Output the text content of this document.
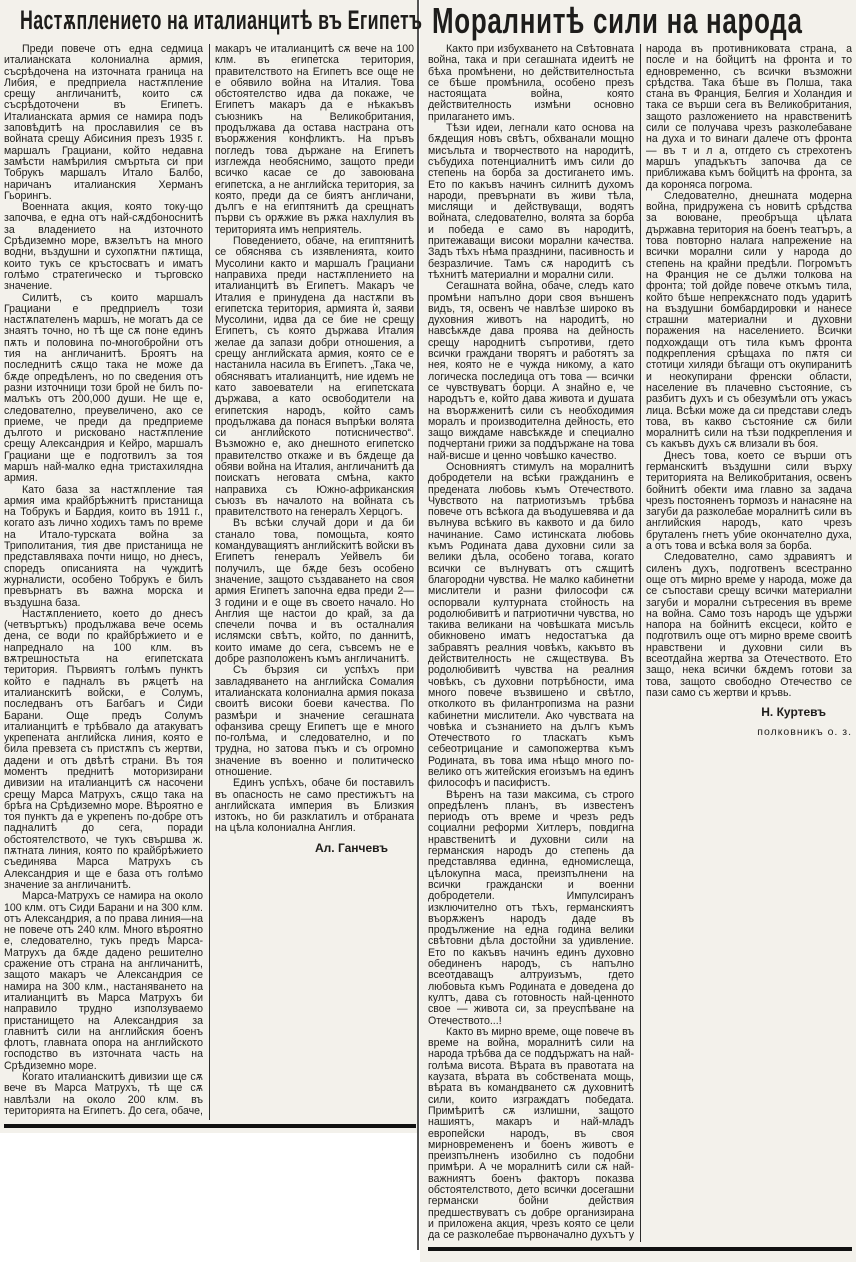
Настѫплението на италианцитѣ въ Египетъ

Преди повече отъ една седмица италианската колониална армия, съсрѣдочена на източната граница на Либия, е предприела настѫпление срещу англичанитѣ, които сѫ съсрѣдоточени въ Египетъ. Италианската армия се намира подъ заповѣдитѣ на прославилия се въ войната срещу Абисиния презъ 1935 г. маршалъ Грациани, който недавна замѣсти намѣрилия смъртьта си при Тобрукъ маршалъ Итало Балбо, наричанъ италианския Херманъ Гьорингъ.

Военната акция, която току-що започва, е една отъ най-сѫдбоноснитѣ за владението на източното Срѣдиземно море, вѫзелътъ на много водни, въздушни и сухопѫтни пѫтища, които тукъ се кръстосватъ и иматъ голѣмо стратегическо и търговско значение.

Силитѣ, съ които маршалъ Грациани е предприелъ този настѫпателенъ маршъ, не могатъ да се знаятъ точно, но тѣ ще сѫ поне единъ пѫть и половина по-многобройни отъ тия на англичанитѣ. Броятъ на последнитѣ сѫщо така не може да бѫде опредѣленъ, но по сведения отъ разни източници този брой не билъ по-малъкъ отъ 200,000 души. Не ще е, следователно, преувеличено, ако се приеме, че преди да предприеме дългото и рисковано настѫпление срещу Александрия и Кейро, маршалъ Грациани ще е подготвилъ за тоя маршъ най-малко една тристахилядна армия.

Като база за настѫпление тая армия има крайбрѣжнитѣ пристанища на Тобрукъ и Бардия, които въ 1911 г., когато азъ лично ходихъ тамъ по време на Итало-турската война за Триполитания, тия две пристанища не представляваха почти нищо, но днесъ, споредъ описанията на чуждитѣ журналисти, особено Тобрукъ е билъ превърнатъ въ важна морска и въздушна база.

Настѫплението, което до днесъ (четвъртъкъ) продължава вече осемь дена, се води по крайбрѣжието и е напреднало на 100 клм. въ вѫтрешностьта на египетската територия. Първиятъ голѣмъ пунктъ който е падналъ въ рѫцетѣ на италианскитѣ войски, е Солумъ, последванъ отъ Багбагъ и Сиди Барани. Още предъ Солумъ италианцитѣ е трѣбвало да атакуватъ укрепената английска линия, която е била превзета съ пристѫпъ съ жертви, дадени и отъ двѣтѣ страни. Въ тоя моментъ преднитѣ моторизирани дивизии на италианцитѣ сѫ насочени срещу Марса Матрухъ, сѫщо така на брѣга на Срѣдиземно море. Вѣроятно е тоя пунктъ да е укрепенъ по-добре отъ падналитѣ до сега, поради обстоятелството, че тукъ свършва ж. пѫтната линия, която по крайбрѣжието съединява Марса Матрухъ съ Александрия и ще е база отъ голѣмо значение за англичанитѣ.

Марса-Матрухъ се намира на около 100 клм. отъ Сиди Барани и на 300 клм. отъ Александрия, а по права линия—на не повече отъ 240 клм. Много вѣроятно е, следователно, тукъ предъ Марса-Матрухъ да бѫде дадено решително сражение отъ страна на англичанитѣ, защото макаръ че Александрия се намира на 300 клм., настаняването на италианцитѣ въ Марса Матрухъ би направило трудно използуваемо пристанището на Александрия за главнитѣ сили на английския боенъ флотъ, главната опора на английското господство въ източната часть на Срѣдиземно море.

Когато италианскитѣ дивизии ще сѫ вече въ Марса Матрухъ, тѣ ще сѫ навлѣзли на около 200 клм. въ територията на Египетъ. До сега, обаче, макаръ че италианцитѣ сѫ вече на 100 клм. въ египетска територия, правителството на Египетъ все още не е обявило война на Италия. Това обстоятелство идва да покаже, че Египетъ макаръ да е нѣкакъвъ съюзникъ на Великобритания, продължава да остава настрана отъ въорѫжения конфликтъ. На пръвъ погледъ това държане на Египетъ изглежда необяснимо, защото преди всичко касае се до завоювана египетска, а не английска територия, за която, преди да се биятъ англичани, дългъ е на египтянитѣ да срещнатъ първи съ орѫжие въ рѫка нахлулия въ територията имъ неприятель.

Поведението, обаче, на египтянитѣ се обяснява съ изявленията, които Мусолини както и маршалъ Грациани направиха преди настѫплението на италианцитѣ въ Египетъ. Макаръ че Италия е принудена да настѫпи въ египетска територия, армията ѝ, заяви Мусолини, идва да се бие не срещу Египетъ, съ която държава Италия желае да запази добри отношения, а срещу английската армия, която се е настанила насила въ Египетъ. „Така че, обясняватъ италианцитѣ, ние идемъ не като завоеватели на египетската държава, а като освободители на египетския народъ, който самъ продължава да понася въпрѣки волята си английското потисничество“. Възможно е, ако днешното египетско правителство откаже и въ бѫдеще да обяви война на Италия, англичанитѣ да поискатъ неговата смѣна, както направиха съ Южно-африканския съюзъ въ началото на войната съ правителството на генералъ Херцогъ.

Въ всѣки случай дори и да би станало това, помощьта, която командуващиятъ английскитѣ войски въ Египетъ генералъ Уейвелъ би получилъ, ще бѫде безъ особено значение, защото създаването на своя армия Египетъ започна едва преди 2—3 години и е още въ своето начало. Но Англия ще настои до край, за да спечели почва и въ осталналия ислямски свѣтъ, който, по даннитѣ, които имаме до сега, съвсемъ не е добре разположенъ къмъ англичанитѣ.

Съ бързия си успѣхъ при завладяването на английска Сомалия италианската колониална армия показа своитѣ високи боеви качества. По размѣри и значение сегашната офанзива срещу Египетъ ще е много по-голѣма, и следователно, и по трудна, но затова пъкъ и съ огромно значение въ военно и политическо отношение.

Единъ успѣхъ, обаче би поставилъ въ опасность не само престижътъ на английската империя въ Близкия изтокъ, но би разклатилъ и отбраната на цѣла колониална Англия.

Ал. Ганчевъ

Моралнитѣ сили на народа

Както при избухването на Свѣтовната война, така и при сегашната идеитѣ не бѣха промѣнени, но действителностьта се бѣше промѣнила, особено презъ настоящата война, която действителность измѣни основно прилагането имъ.

Тѣзи идеи, легнали като основа на бѫдещия новъ свѣтъ, обхванали мощно мисъльта и творчеството на народитѣ, събудиха потенциалнитѣ имъ сили до степень на борба за достигането имъ. Ето по какъвъ начинъ силнитѣ духомъ народи, превърнати въ живи тѣла, мислящи и действуващи, водятъ войната, следователно, волята за борба и победа е само въ народитѣ, притежаващи високи морални качества. Задъ тѣхъ нѣма празднини, пасивность и безразличие. Тамъ сѫ народитѣ съ тѣхнитѣ материални и морални сили.

Сегашната война, обаче, следъ като промѣни напълно дори своя външенъ видъ, тя, освенъ че навлѣзе широко въ духовния животъ на народитѣ, но навсѣкѫде дава проява на дейность срещу народнитѣ съпротиви, гдето всички граждани творятъ и работятъ за нея, която не е чужда никому, а като логическа последица отъ това — всички се чувствуватъ борци. А знайно е, че народътъ е, който дава живота и душата на въорѫженитѣ сили съ необходимия моралъ и производителна дейность, ето защо виждаме навсѣкѫде и специално подчертани грижи за поддържане на това най-висше и ценно човѣшко качество.

Основниятъ стимулъ на моралнитѣ добродетели на всѣки гражданинъ е предената любовь къмъ Отечеството. Чувството на патриотизъмъ трѣбва повече отъ всѣкога да въодушевява и да вълнува всѣкиго въ каквото и да било начинание. Само истинската любовь къмъ Родината дава духовни сили за велики дѣла, особено тогава, когато всички се вълнуватъ отъ сѫщитѣ благородни чувства. Не малко кабинетни мислители и разни философи сѫ оспорвали културната стойность на родолюбивитѣ и патриотични чувства, но такива великани на човѣшката мисъль обикновено иматъ недостатъка да забравятъ реалния човѣкъ, какъвто въ действителность не сѫществува. Въ родолюбивитѣ чувства на реалния човѣкъ, съ духовни потрѣбности, има много повече възвишено и свѣтло, отколкото въ филантропизма на разни кабинетни мислители. Ако чувствата на човѣка и съзнанието на дългъ къмъ Отечеството го тласкатъ къмъ себеотрицание и самопожертва къмъ Родината, въ това има нѣщо много по-велико отъ житейския егоизъмъ на единъ философъ и пасифистъ.

Вѣренъ на тази максима, съ строго опредѣленъ планъ, въ известенъ периодъ отъ време и чрезъ редъ социални реформи Хитлеръ, повдигна нравственитѣ и духовни сили на германския народъ до степень да представлява единна, едномислеща, цѣлокупна маса, преизпълнени на всички граждански и военни добродетели. Импулсиранъ изключително отъ тѣхъ, германскиятъ въорѫженъ народъ даде въ продължение на една година велики свѣтовни дѣла достойни за удивление. Ето по какъвъ начинъ единъ духовно обединенъ народъ, съ напълно всеотдаващъ алтруизъмъ, гдето любовьта къмъ Родината е доведена до култъ, дава съ готовность най-ценното свое — живота си, за преуспѣване на Отечеството...!

Както въ мирно време, още повече въ време на война, моралнитѣ сили на народа трѣбва да се поддържатъ на най-голѣма висота. Вѣрата въ правотата на каузата, вѣрата въ собствената мощь, вѣрата въ командването сѫ духовнитѣ сили, които изграждатъ победата. Примѣритѣ сѫ излишни, защото нашиятъ, макаръ и най-младъ европейски народъ, въ своя мирновремененъ и боенъ животъ е преизпълненъ изобилно съ подобни примѣри. А че моралнитѣ сили сѫ най-важниятъ боенъ факторъ показва обстоятелството, дето всички досегашни германски бойни действия предшествуватъ съ добре организирана и приложена акция, чрезъ която се цели да се разколебае първоначално духътъ у народа въ противниковата страна, а после и на бойцитѣ на фронта и то едновременно, съ всички възможни срѣдства. Така бѣше въ Полша, така стана въ Франция, Белгия и Холандия и така се върши сега въ Великобритания, защото разложението на нравственитѣ сили се получава чрезъ разколебаване на духа и то винаги далече отъ фронта — въ т и л а, отгдето съ стрехотенъ маршъ упадъкътъ започва да се приближава къмъ бойцитѣ на фронта, за да короняса погрома.

Следователно, днешната модерна война, придружена съ новитѣ срѣдства за воюване, преобръща цѣлата държавна територия на боенъ театъръ, а това повторно налага напрежение на всички морални сили у народа до степень на крайни предѣли. Погромътъ на Франция не се дължи толкова на фронта; той дойде повече откъмъ тила, който бѣше непрекѫснато подъ ударитѣ на въздушни бомбардировки и нанесе страшни материални и духовни поражения на населението. Всички подхождащи отъ тила къмъ фронта подкрепления срѣщаха по пѫтя си стотици хиляди бѣгащи отъ окупиранитѣ и неокупирани френски области, население въ плачевно състояние, съ разбитъ духъ и съ обезумѣли отъ ужасъ лица. Всѣки може да си представи следъ това, въ какво състояние сѫ били моралнитѣ сили на тѣзи подкрепления и съ какъвъ духъ сѫ влизали въ боя.

Днесъ това, което се върши отъ германскитѣ въздушни сили върху територията на Великобритания, освенъ бойнитѣ обекти има главно за задача чрезъ постояненъ тормозъ и нанасяне на загуби да разколебае моралнитѣ сили въ английския народъ, като чрезъ бруталенъ гнетъ убие окончателно духа, а отъ това и всѣка воля за борба.

Следователно, само здравиятъ и силенъ духъ, подготвенъ всестранно още отъ мирно време у народа, може да се съпостави срещу всички материални загуби и морални сътресения въ време на война. Само тозъ народъ ще удържи напора на бойнитѣ ексцеси, който е подготвилъ още отъ мирно време своитѣ нравствени и духовни сили въ всеотдайна жертва за Отечеството. Ето защо, нека всички бѫдемъ готови за това, защото свободно Отечество се пази само съ жертви и кръвь.

Н. Куртевъ

полковникъ о. з.
